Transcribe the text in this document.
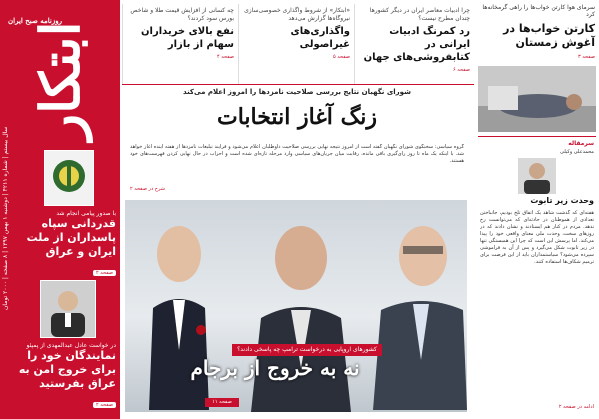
روزنامه صبح ایران
ابتکار
سال بیستم | شماره ۴۲۱۱ | دوشنبه ۱ بهمن ۱۳۹۷ | ۸ صفحه | ۲۰۰۰ تومان
با صدور پیامی انجام شد
قدردانی سپاه پاسداران از ملت ایران و عراق
صفحه ۲
در خواست عادل عبدالمهدی از پمپئو
نمایندگان خود را برای خروج امن به عراق بفرستید
صفحه ۲
چه کسانی از افزایش قیمت طلا و شاخص بورس سود کردند؟
نفع بالای خریداران سهام از بازار
صفحه ۴
«ابتکار» از شروط واگذاری خصوصی‌سازی نیروگاه‌ها گزارش می‌دهد
واگذاری‌های غیراصولی
صفحه ۵
چرا ادبیات معاصر ایران در دیگر کشورها چندان مطرح نیست؟
رد کمرنگ ادبیات ایرانی در کتابفروشی‌های جهان
صفحه ۶
شورای نگهبان نتایج بررسی صلاحیت نامزدها را امروز اعلام می‌کند
زنگ آغاز انتخابات
گروه سیاسی: سخنگوی شورای نگهبان گفته است از امروز نتیجه نهایی بررسی صلاحیت داوطلبان اعلام می‌شود و فرآیند تبلیغات نامزدها از هفته آینده آغاز خواهد شد. با اینکه یک ماه تا روز رای‌گیری باقی مانده، رقابت میان جریان‌های سیاسی وارد مرحله تازه‌ای شده است و احزاب در حال نهایی کردن فهرست‌های خود هستند.
شرح در صفحه ۲
کشورهای اروپایی به درخواست ترامپ چه پاسخی دادند؟
نه به خروج از برجام
صفحه ۱۱
سرمای هوا کارتن خواب‌ها را راهی گرمخانه‌ها کرد
کارتن خواب‌ها در آغوش زمستان
صفحه ۳
سرمقاله
محمدعلی وکیلی
وحدت زیر تابوت
هفته‌ای که گذشت شاهد یک اتفاق تلخ بودیم، جانباختن تعدادی از هموطنان در حادثه‌ای که می‌توانست رخ ندهد. مردم در کنار هم ایستادند و نشان دادند که در روزهای سخت، وحدت ملی معنای واقعی خود را پیدا می‌کند. اما پرسش این است که چرا این همبستگی تنها در زیر تابوت شکل می‌گیرد و پس از آن به فراموشی سپرده می‌شود؟ سیاستمداران باید از این فرصت برای ترمیم شکاف‌ها استفاده کنند.
ادامه در صفحه ۲
